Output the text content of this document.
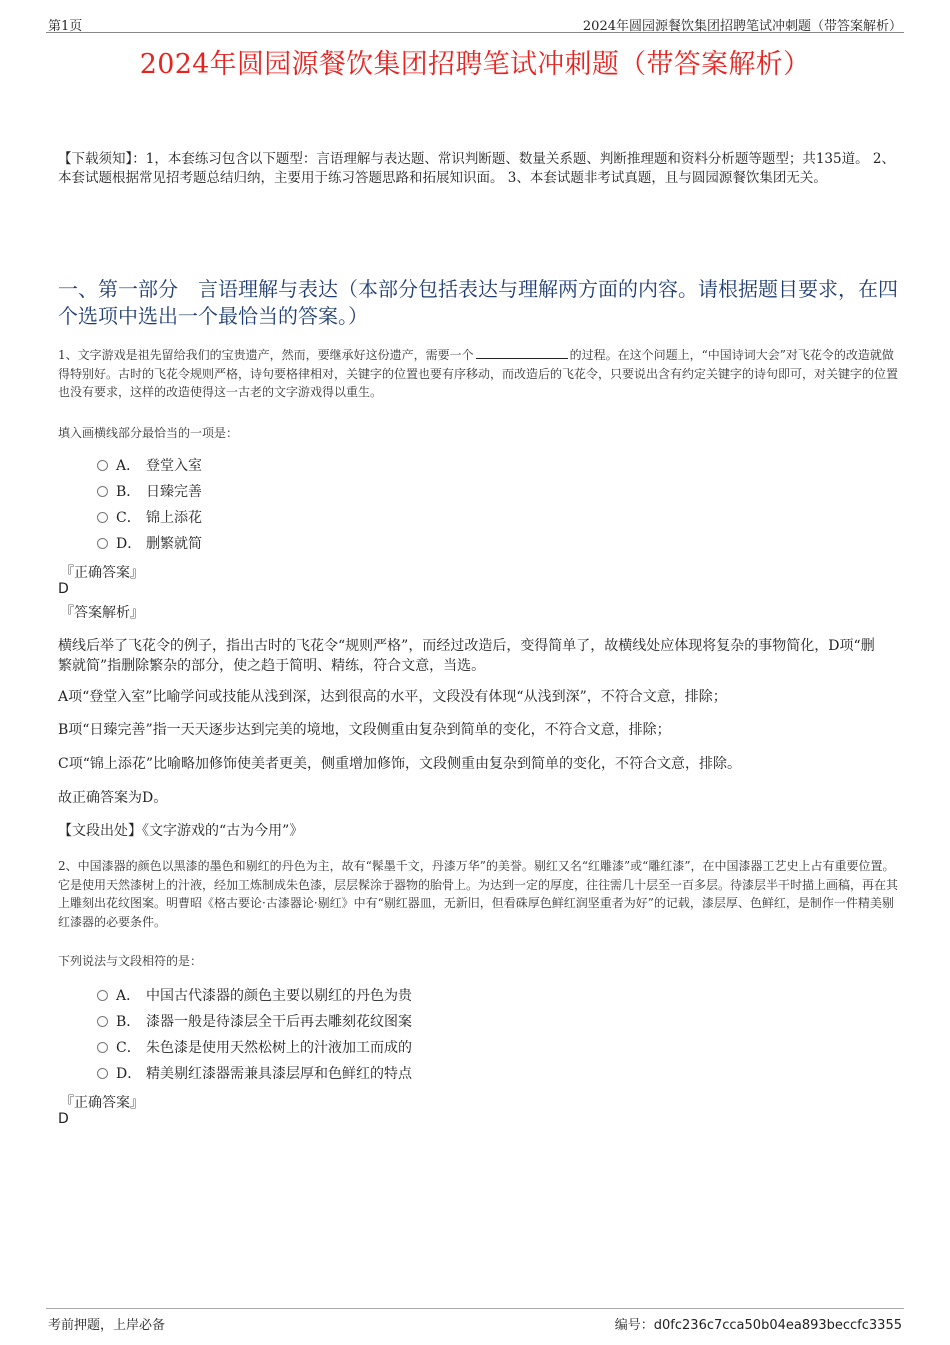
第1页	2024年圆园源餐饮集团招聘笔试冲刺题（带答案解析）
2024年圆园源餐饮集团招聘笔试冲刺题（带答案解析）
【下载须知】：1，本套练习包含以下题型：言语理解与表达题、常识判断题、数量关系题、判断推理题和资料分析题等题型；共135道。 2、本套试题根据常见招考题总结归纳，主要用于练习答题思路和拓展知识面。 3、本套试题非考试真题，且与圆园源餐饮集团无关。
一、第一部分　言语理解与表达（本部分包括表达与理解两方面的内容。请根据题目要求，在四个选项中选出一个最恰当的答案。）
1、文字游戏是祖先留给我们的宝贵遗产，然而，要继承好这份遗产，需要一个	的过程。在这个问题上，“中国诗词大会”对飞花令的改造就做得特别好。古时的飞花令规则严格，诗句要格律相对，关键字的位置也要有序移动，而改造后的飞花令，只要说出含有约定关键字的诗句即可，对关键字的位置也没有要求，这样的改造使得这一古老的文字游戏得以重生。
填入画横线部分最恰当的一项是：
A． 登堂入室
B． 日臻完善
C． 锦上添花
D． 删繁就简
『正确答案』
D
『答案解析』
横线后举了飞花令的例子，指出古时的飞花令“规则严格”，而经过改造后，变得简单了，故横线处应体现将复杂的事物简化，D项“删繁就简”指删除繁杂的部分，使之趋于简明、精练，符合文意，当选。
A项“登堂入室”比喻学问或技能从浅到深，达到很高的水平，文段没有体现“从浅到深”，不符合文意，排除；
B项“日臻完善”指一天天逐步达到完美的境地，文段侧重由复杂到简单的变化，不符合文意，排除；
C项“锦上添花”比喻略加修饰使美者更美，侧重增加修饰，文段侧重由复杂到简单的变化，不符合文意，排除。
故正确答案为D。
【文段出处】《文字游戏的“古为今用”》
2、中国漆器的颜色以黑漆的墨色和剔红的丹色为主，故有“髹墨千文，丹漆万华”的美誉。剔红又名“红雕漆”或“雕红漆”，在中国漆器工艺史上占有重要位置。它是使用天然漆树上的汁液，经加工炼制成朱色漆，层层髹涂于器物的胎骨上。为达到一定的厚度，往往需几十层至一百多层。待漆层半干时描上画稿，再在其上雕刻出花纹图案。明曹昭《格古要论·古漆器论·剔红》中有“剔红器皿，无新旧，但看硃厚色鲜红润坚重者为好”的记载，漆层厚、色鲜红，是制作一件精美剔红漆器的必要条件。
下列说法与文段相符的是：
A． 中国古代漆器的颜色主要以剔红的丹色为贵
B． 漆器一般是待漆层全干后再去雕刻花纹图案
C． 朱色漆是使用天然松树上的汁液加工而成的
D． 精美剔红漆器需兼具漆层厚和色鲜红的特点
『正确答案』
D
考前押题，上岸必备	编号：d0fc236c7cca50b04ea893beccfc3355
